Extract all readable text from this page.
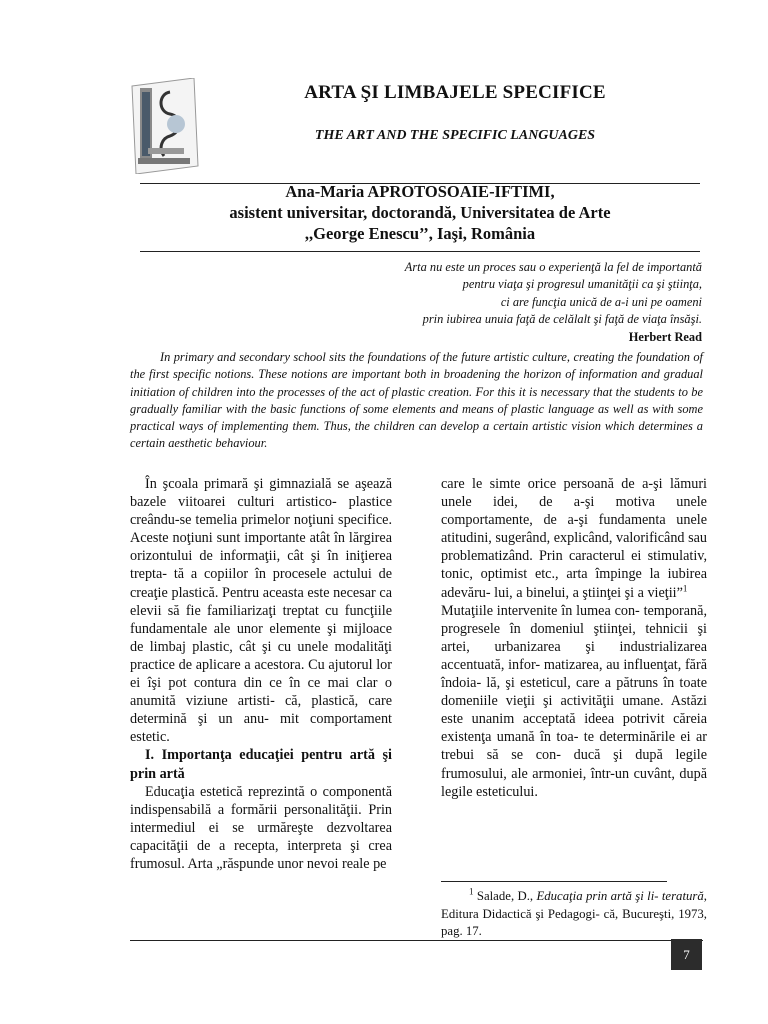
ARTA ŞI LIMBAJELE SPECIFICE
THE ART AND THE SPECIFIC LANGUAGES
Ana-Maria APROTOSOAIE-IFTIMI,
asistent universitar, doctorandă, Universitatea de Arte
,,George Enescu’’, Iaşi, România
Arta nu este un proces sau o experienţă la fel de importantă
pentru viaţa şi progresul umanităţii ca şi ştiinţa,
ci are funcţia unică de a-i uni pe oameni
prin iubirea unuia faţă de celălalt şi faţă de viaţa însăşi.
Herbert Read
In primary and secondary school sits the foundations of the future artistic culture, creating the foundation of the first specific notions. These notions are important both in broadening the horizon of information and gradual initiation of children into the processes of the act of plastic creation. For this it is necessary that the students to be gradually familiar with the basic functions of some elements and means of plastic language as well as with some practical ways of implementing them. Thus, the children can develop a certain artistic vision which determines a certain aesthetic behaviour.

În şcoala primară şi gimnazială se aşează bazele viitoarei culturi artistico- plastice creându-se temelia primelor noţiuni specifice. Aceste noţiuni sunt importante atât în lărgirea orizontului de informaţii, cât şi în iniţierea trepta- tă a copiilor în procesele actului de creaţie plastică. Pentru aceasta este necesar ca elevii să fie familiarizaţi treptat cu funcţiile fundamentale ale unor elemente şi mijloace de limbaj plastic, cât şi cu unele modalităţi practice de aplicare a acestora. Cu ajutorul lor ei îşi pot contura din ce în ce mai clar o anumită viziune artisti- că, plastică, care determină şi un anu- mit comportament estetic.

I. Importanţa educaţiei pentru artă şi prin artă

Educaţia estetică reprezintă o componentă indispensabilă a formării personalităţii. Prin intermediul ei se urmăreşte dezvoltarea capacităţii de a recepta, interpreta şi crea frumosul. Arta „răspunde unor nevoi reale pe

care le simte orice persoană de a-şi lămuri unele idei, de a-şi motiva unele comportamente, de a-şi fundamenta unele atitudini, sugerând, explicând, valorificând sau problematizând. Prin caracterul ei stimulativ, tonic, optimist etc., arta împinge la iubirea adevăru- lui, a binelui, a ştiinţei şi a vieţii”$^1$

Mutaţiile intervenite în lumea con- temporană, progresele în domeniul ştiinţei, tehnicii şi artei, urbanizarea şi industrializarea accentuată, infor- matizarea, au influenţat, fără îndoia- lă, şi esteticul, care a pătruns în toate domeniile vieţii şi activităţii umane. Astăzi este unanim acceptată ideea potrivit căreia existenţa umană în toa- te determinările ei ar trebui să se con- ducă şi după legile frumosului, ale armoniei, într-un cuvânt, după legile esteticului.

$^1$ Salade, D., Educaţia prin artă şi li- teratură, Editura Didactică şi Pedagogi- că, Bucureşti, 1973, pag. 17.
7
